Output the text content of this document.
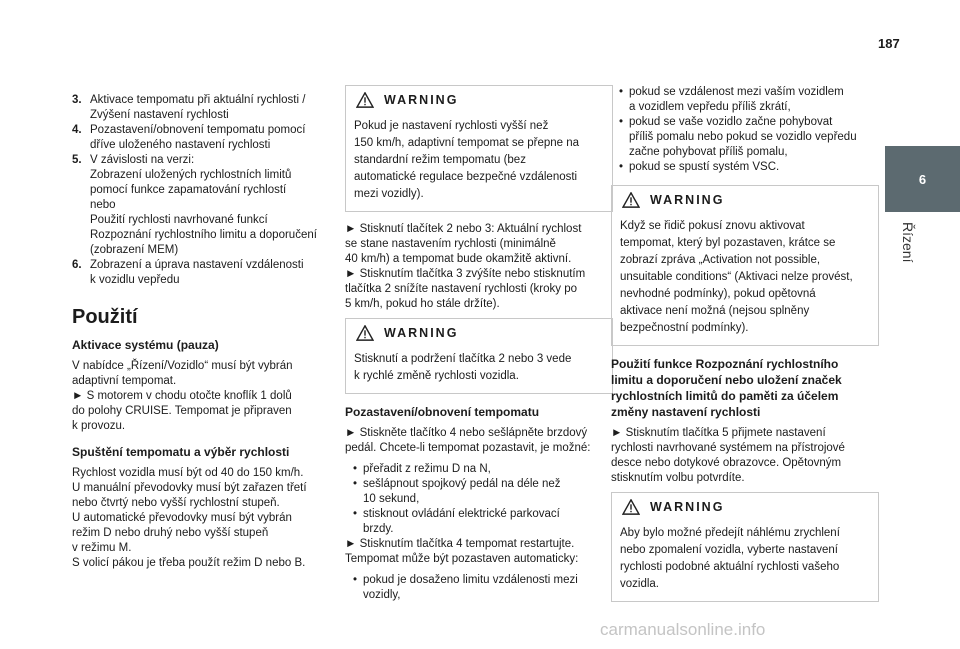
187
6
Řízení
3. Aktivace tempomatu při aktuální rychlosti /
Zvýšení nastavení rychlosti
4. Pozastavení/obnovení tempomatu pomocí
dříve uloženého nastavení rychlosti
5. V závislosti na verzi:
Zobrazení uložených rychlostních limitů
pomocí funkce zapamatování rychlostí
nebo
Použití rychlosti navrhované funkcí
Rozpoznání rychlostního limitu a doporučení
(zobrazení MEM)
6. Zobrazení a úprava nastavení vzdálenosti
k vozidlu vepředu
Použití
Aktivace systému (pauza)

V nabídce „Řízení/Vozidlo“ musí být vybrán
adaptivní tempomat.
► S motorem v chodu otočte knoflík 1 dolů
do polohy CRUISE. Tempomat je připraven
k provozu.

Spuštění tempomatu a výběr rychlosti

Rychlost vozidla musí být od 40 do 150 km/h.
U manuální převodovky musí být zařazen třetí
nebo čtvrtý nebo vyšší rychlostní stupeň.
U automatické převodovky musí být vybrán
režim D nebo druhý nebo vyšší stupeň
v režimu M.
S volicí pákou je třeba použít režim D nebo B.

WARNING
Pokud je nastavení rychlosti vyšší než
150 km/h, adaptivní tempomat se přepne na
standardní režim tempomatu (bez
automatické regulace bezpečné vzdálenosti
mezi vozidly).

► Stisknutí tlačítek 2 nebo 3: Aktuální rychlost
se stane nastavením rychlosti (minimálně
40 km/h) a tempomat bude okamžitě aktivní.
► Stisknutím tlačítka 3 zvýšíte nebo stisknutím
tlačítka 2 snížíte nastavení rychlosti (kroky po
5 km/h, pokud ho stále držíte).

WARNING
Stisknutí a podržení tlačítka 2 nebo 3 vede
k rychlé změně rychlosti vozidla.
Pozastavení/obnovení tempomatu

► Stiskněte tlačítko 4 nebo sešlápněte brzdový
pedál. Chcete-li tempomat pozastavit, je možné:

• přeřadit z režimu D na N,
• sešlápnout spojkový pedál na déle než
10 sekund,
• stisknout ovládání elektrické parkovací
brzdy.

► Stisknutím tlačítka 4 tempomat restartujte.
Tempomat může být pozastaven automaticky:

• pokud je dosaženo limitu vzdálenosti mezi
vozidly,
• pokud se vzdálenost mezi vaším vozidlem
a vozidlem vepředu příliš zkrátí,
• pokud se vaše vozidlo začne pohybovat
příliš pomalu nebo pokud se vozidlo vepředu
začne pohybovat příliš pomalu,
• pokud se spustí systém VSC.
WARNING
Když se řidič pokusí znovu aktivovat
tempomat, který byl pozastaven, krátce se
zobrazí zpráva „Activation not possible,
unsuitable conditions“ (Aktivaci nelze provést,
nevhodné podmínky), pokud opětovná
aktivace není možná (nejsou splněny
bezpečnostní podmínky).
Použití funkce Rozpoznání rychlostního
limitu a doporučení nebo uložení značek
rychlostních limitů do paměti za účelem
změny nastavení rychlosti

► Stisknutím tlačítka 5 přijmete nastavení
rychlosti navrhované systémem na přístrojové
desce nebo dotykové obrazovce. Opětovným
stisknutím volbu potvrdíte.

WARNING
Aby bylo možné předejít náhlému zrychlení
nebo zpomalení vozidla, vyberte nastavení
rychlosti podobné aktuální rychlosti vašeho
vozidla.
carmanualsonline.info
